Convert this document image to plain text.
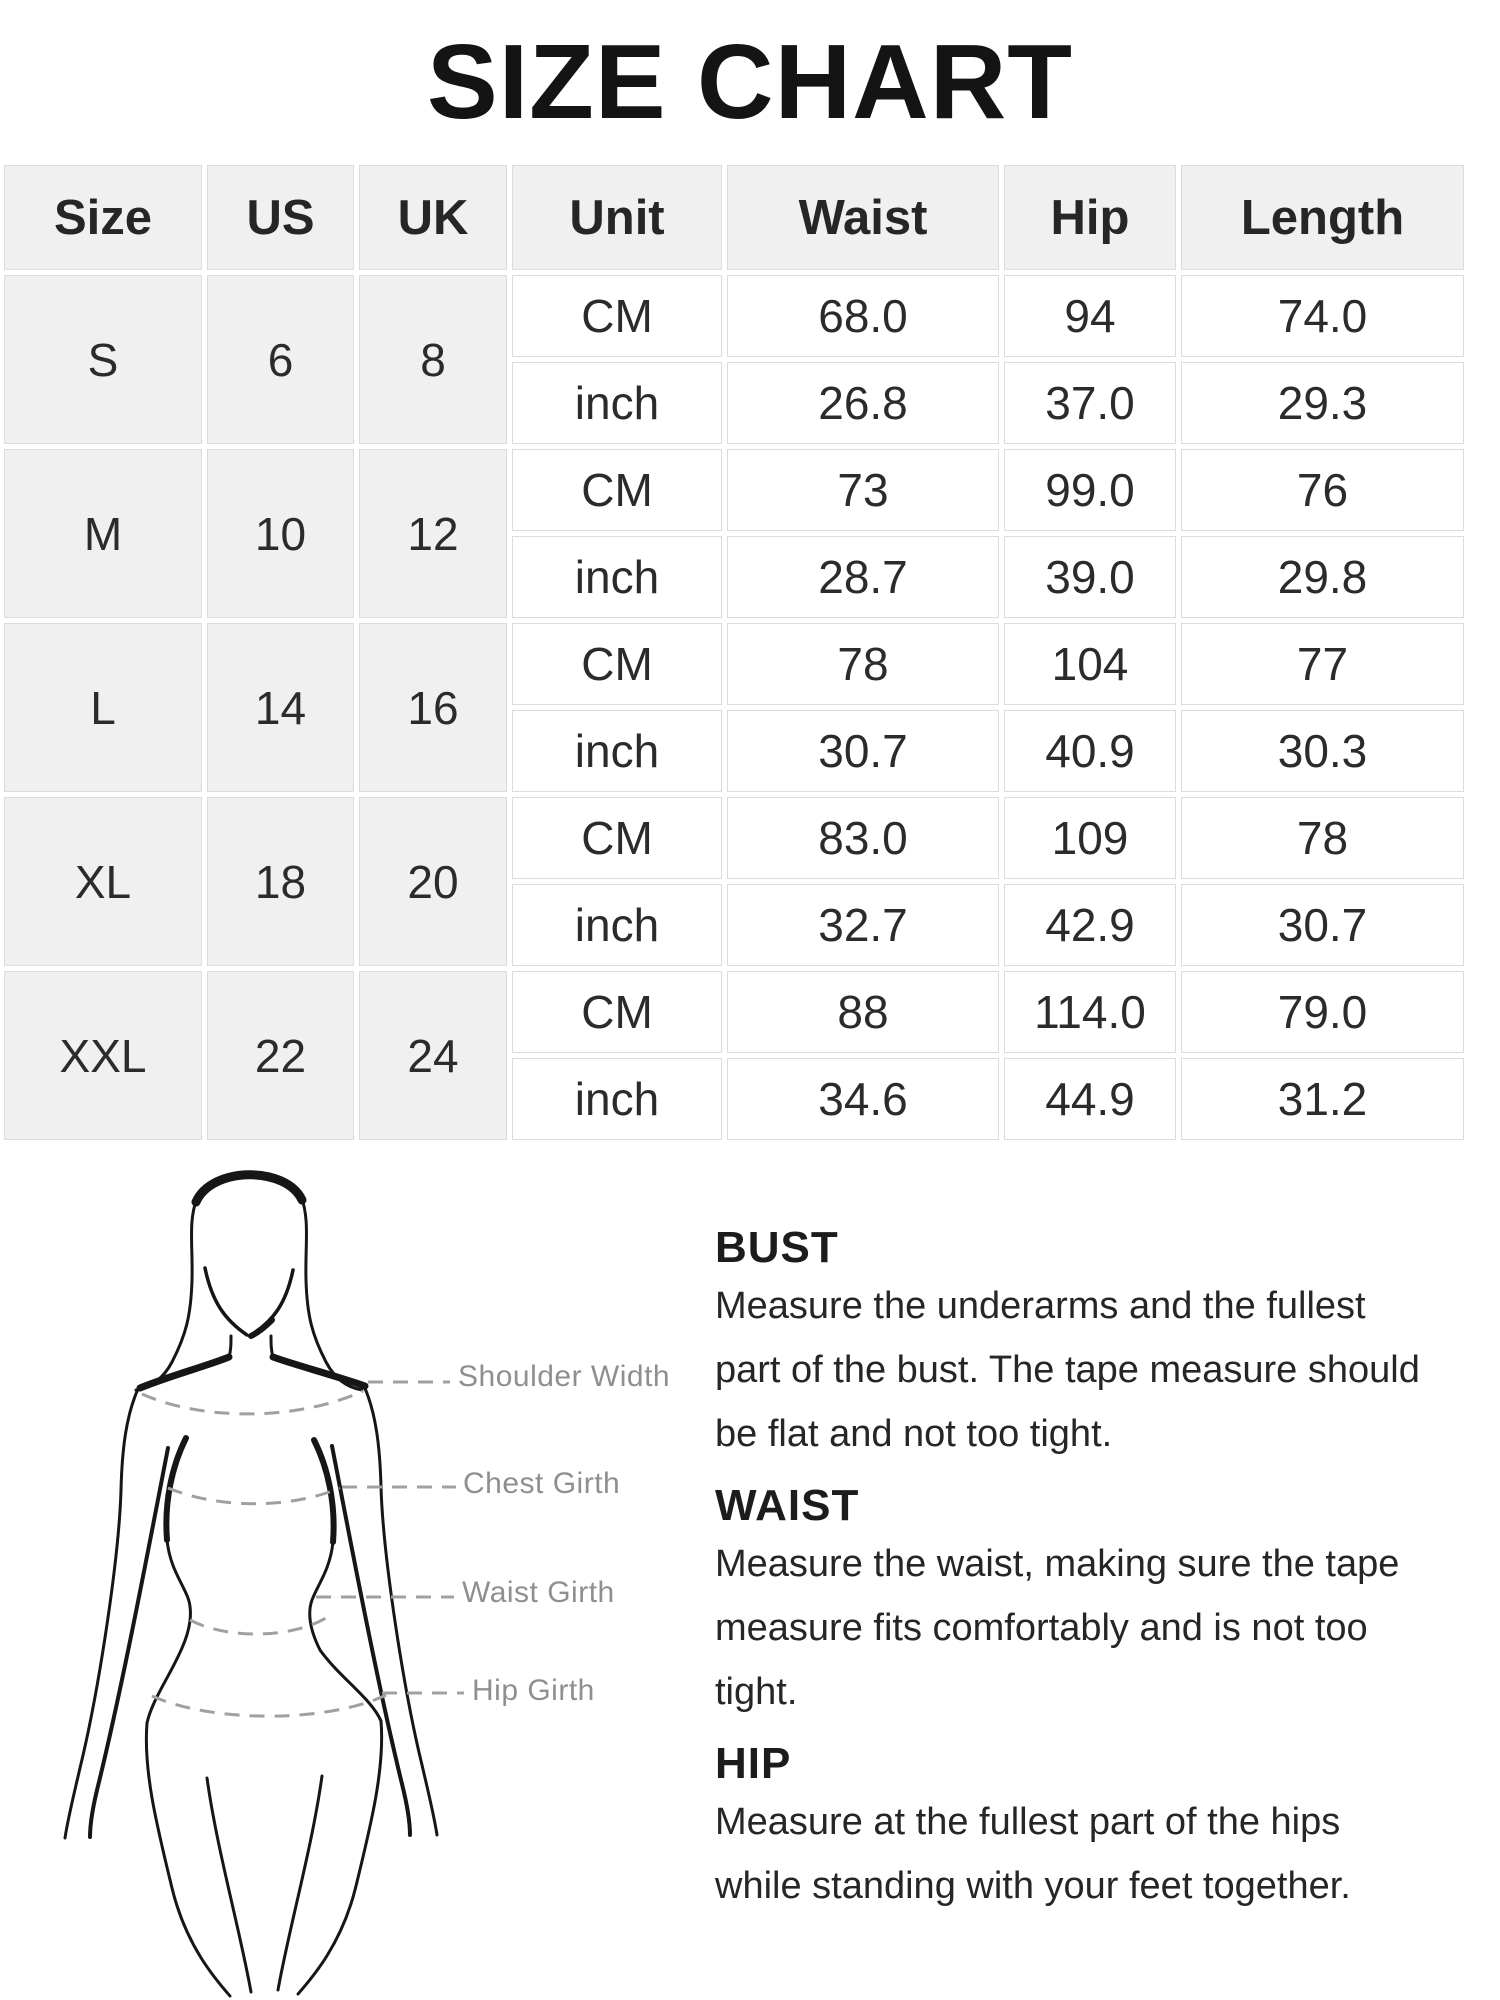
SIZE CHART
Size	US	UK	Unit	Waist	Hip	Length
S	6	8
CM	68.0	94	74.0
inch	26.8	37.0	29.3
M	10	12
CM	73	99.0	76
inch	28.7	39.0	29.8
L	14	16
CM	78	104	77
inch	30.7	40.9	30.3
XL	18	20
CM	83.0	109	78
inch	32.7	42.9	30.7
XXL	22	24
CM	88	114.0	79.0
inch	34.6	44.9	31.2
Shoulder Width
Chest Girth
Waist Girth
Hip Girth
BUST
Measure the underarms and the fullest
part of the bust. The tape measure should
be flat and not too tight.
WAIST
Measure the waist, making sure the tape
measure fits comfortably and is not too
tight.
HIP
Measure at the fullest part of the hips
while standing with your feet together.
